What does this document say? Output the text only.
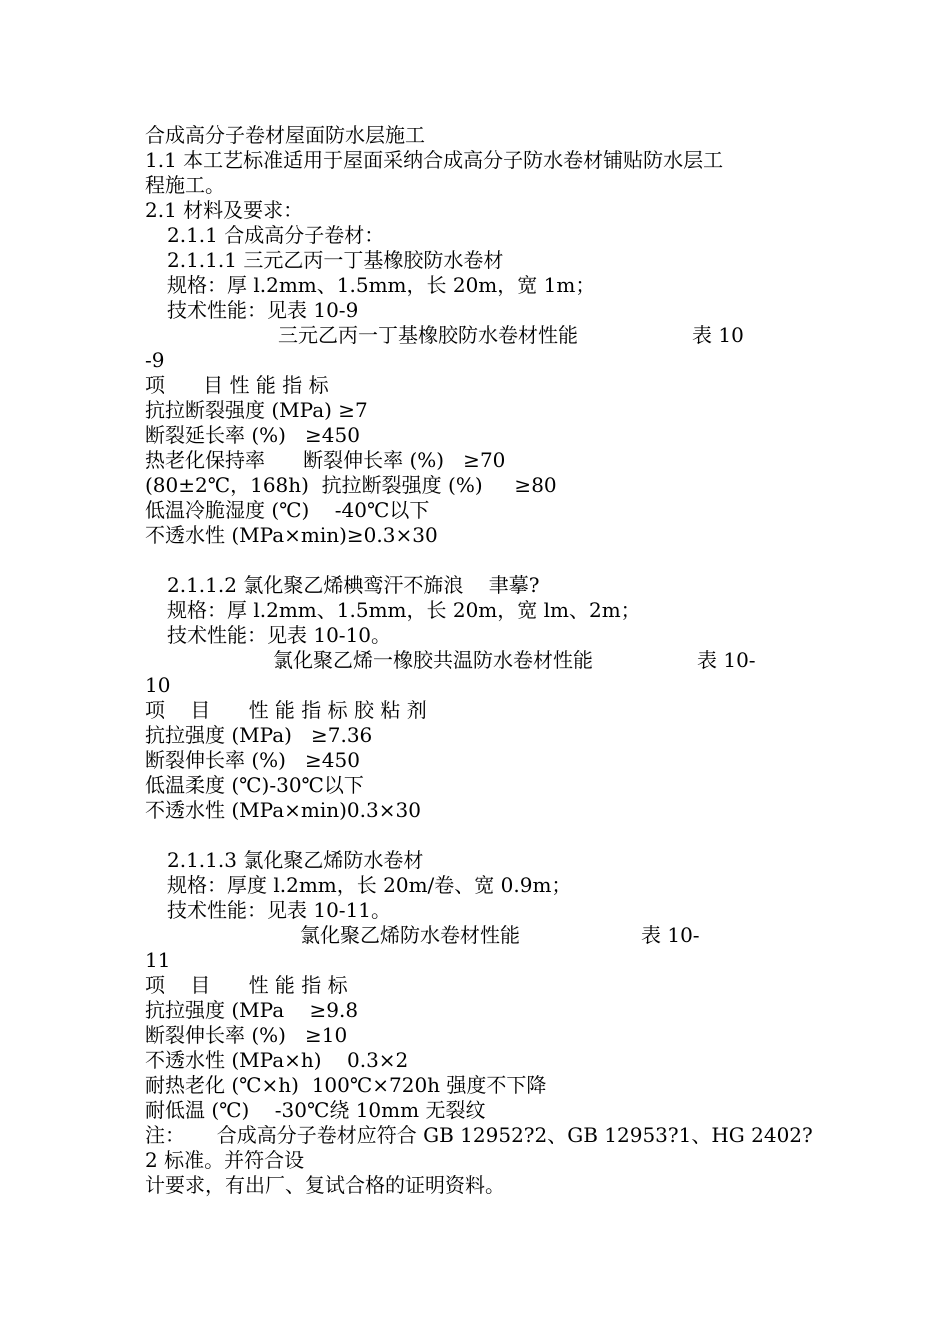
合成高分子卷材屋面防水层施工
1.1 本工艺标准适用于屋面采纳合成高分子防水卷材铺贴防水层工
程施工。
2.1 材料及要求：
2.1.1 合成高分子卷材：
2.1.1.1 三元乙丙一丁基橡胶防水卷材
规格：厚 l.2mm、1.5mm，长 20m，宽 1m；
技术性能：见表 10-9
三元乙丙一丁基橡胶防水卷材性能	表 10
-9
项      目 性 能 指 标
抗拉断裂强度 (MPa) ≥7
断裂延长率 (%)   ≥450
热老化保持率      断裂伸长率 (%)   ≥70
(80±2℃，168h)  抗拉断裂强度 (%)     ≥80
低温冷脆湿度 (℃)    -40℃以下
不透水性 (MPa×min)≥0.3×30
2.1.1.2 氯化聚乙烯椣鸾汗不旆浪    聿摹?
规格：厚 l.2mm、1.5mm，长 20m，宽 lm、2m；
技术性能：见表 10-10。
氯化聚乙烯一橡胶共温防水卷材性能	表 10-
10
项    目      性 能 指 标 胶 粘 剂
抗拉强度 (MPa)   ≥7.36
断裂伸长率 (%)   ≥450
低温柔度 (℃)-30℃以下
不透水性 (MPa×min)0.3×30
2.1.1.3 氯化聚乙烯防水卷材
规格：厚度 l.2mm，长 20m/卷、宽 0.9m；
技术性能：见表 10-11。
氯化聚乙烯防水卷材性能	表 10-
11
项    目      性 能 指 标
抗拉强度 (MPa    ≥9.8
断裂伸长率 (%)   ≥10
不透水性 (MPa×h)    0.3×2
耐热老化 (℃×h)  100℃×720h 强度不下降
耐低温 (℃)    -30℃绕 10mm 无裂纹
注：     合成高分子卷材应符合 GB 12952?2、GB 12953?1、HG 2402?
2 标准。并符合设
计要求，有出厂、复试合格的证明资料。
